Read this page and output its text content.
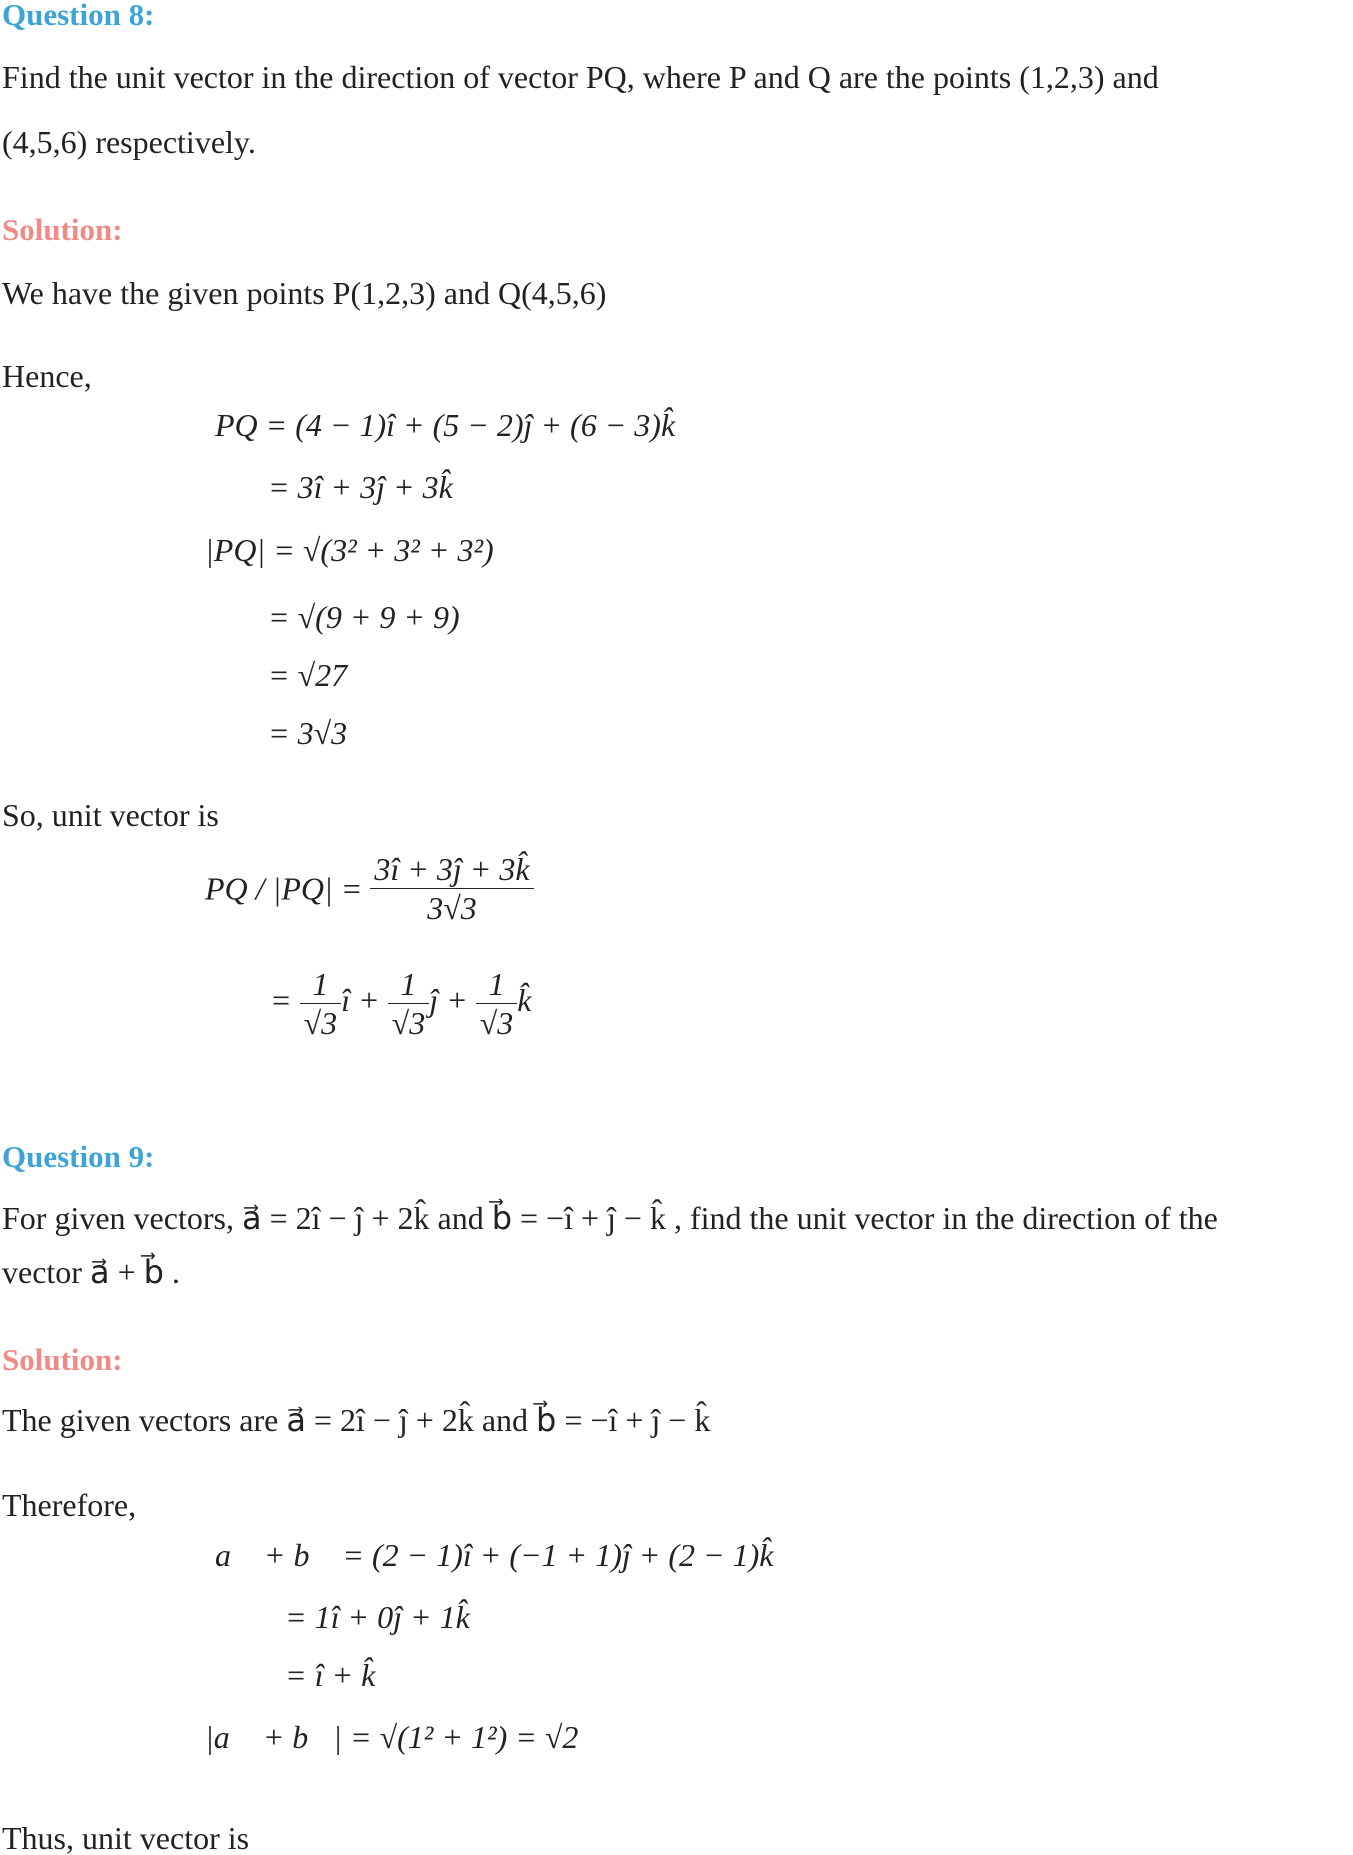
Question 8:
Find the unit vector in the direction of vector PQ, where P and Q are the points (1,2,3) and
(4,5,6) respectively.
Solution:
We have the given points P(1,2,3) and Q(4,5,6)
Hence,
PQ = (4 − 1)î + (5 − 2)ĵ + (6 − 3)k̂
= 3î + 3ĵ + 3k̂
|PQ| = √(3² + 3² + 3²)
= √(9 + 9 + 9)
= √27
= 3√3
So, unit vector is
PQ / $|PQ| = \frac{3î + 3ĵ + 3k̂}{3√3}$
= $\frac{1}{√3}$ î + $\frac{1}{√3}$ ĵ + $\frac{1}{√3}$ k̂
Question 9:
For given vectors, a⃗ = 2î − ĵ + 2k̂ and b⃗ = −î + ĵ − k̂ , find the unit vector in the direction of the
vector a⃗ + b⃗ .
Solution:
The given vectors are a⃗ = 2î − ĵ + 2k̂ and b⃗ = −î + ĵ − k̂
Therefore,
a⃗ + b⃗ = (2 − 1)î + (−1 + 1)ĵ + (2 − 1)k̂
= 1î + 0ĵ + 1k̂
= î + k̂
|a⃗ + b⃗| = √(1² + 1²) = √2
Thus, unit vector is
